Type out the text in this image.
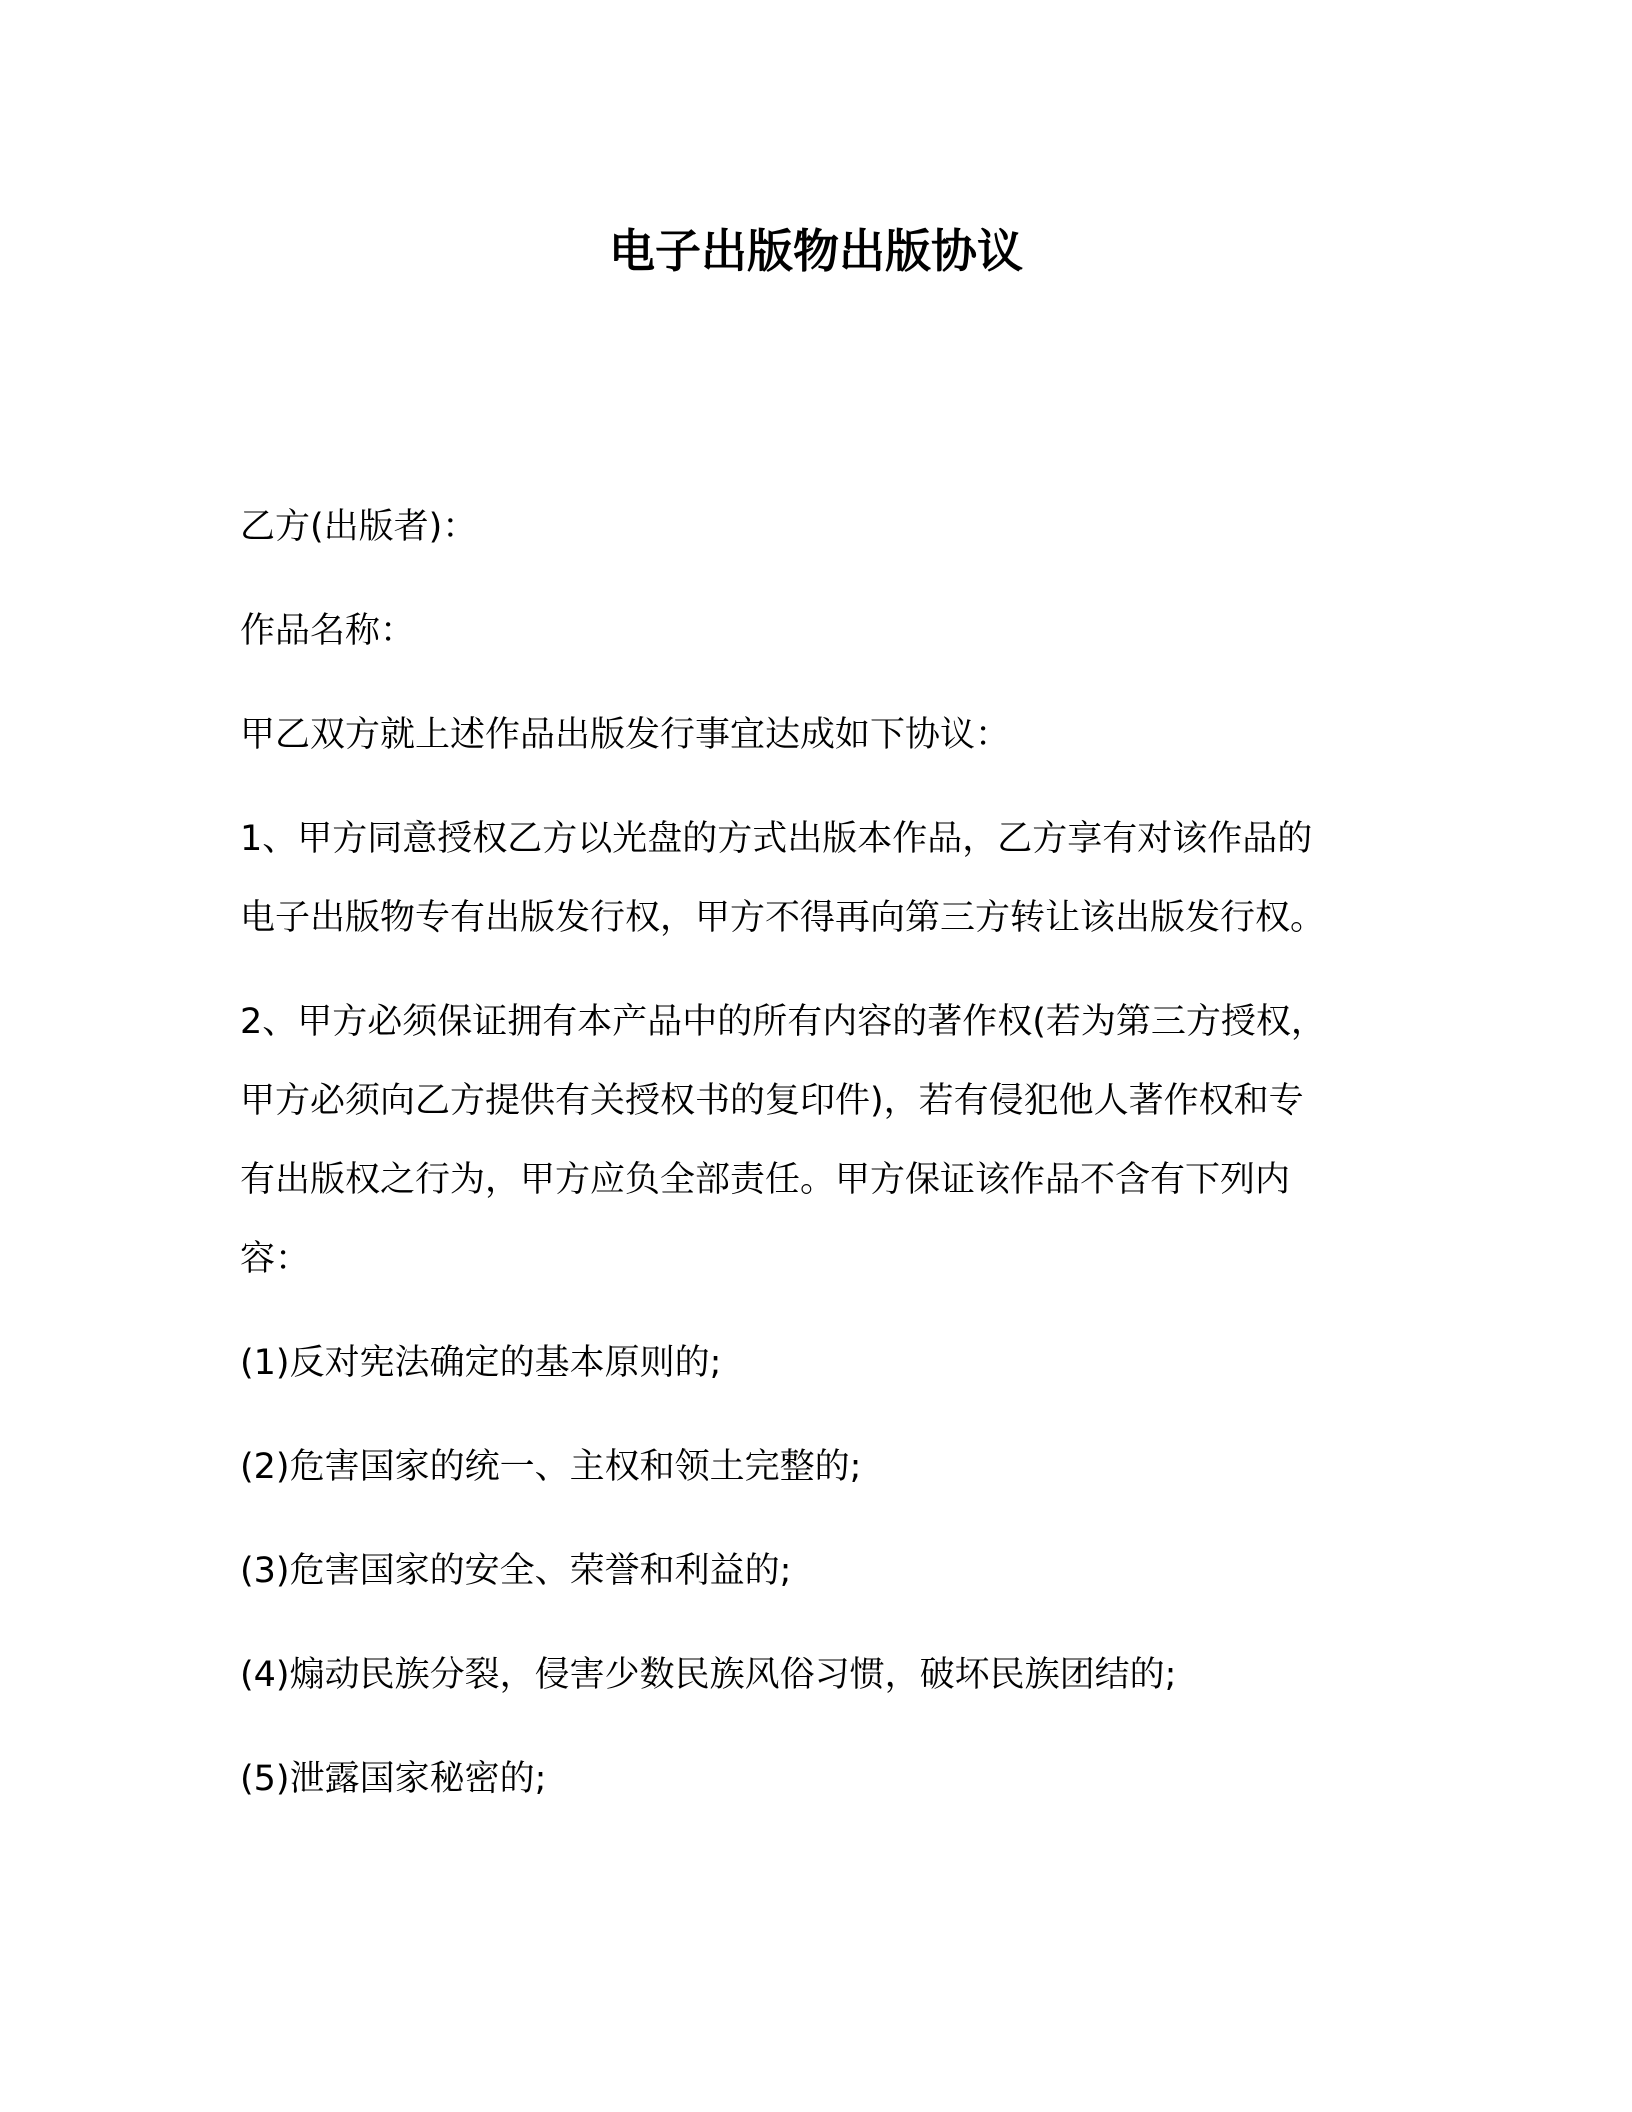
电子出版物出版协议

乙方(出版者)：

作品名称：

甲乙双方就上述作品出版发行事宜达成如下协议：

1、甲方同意授权乙方以光盘的方式出版本作品，乙方享有对该作品的

电子出版物专有出版发行权，甲方不得再向第三方转让该出版发行权。

2、甲方必须保证拥有本产品中的所有内容的著作权(若为第三方授权，

甲方必须向乙方提供有关授权书的复印件)，若有侵犯他人著作权和专

有出版权之行为，甲方应负全部责任。甲方保证该作品不含有下列内

容：

(1)反对宪法确定的基本原则的;

(2)危害国家的统一、主权和领土完整的;

(3)危害国家的安全、荣誉和利益的;

(4)煽动民族分裂，侵害少数民族风俗习惯，破坏民族团结的;

(5)泄露国家秘密的;
